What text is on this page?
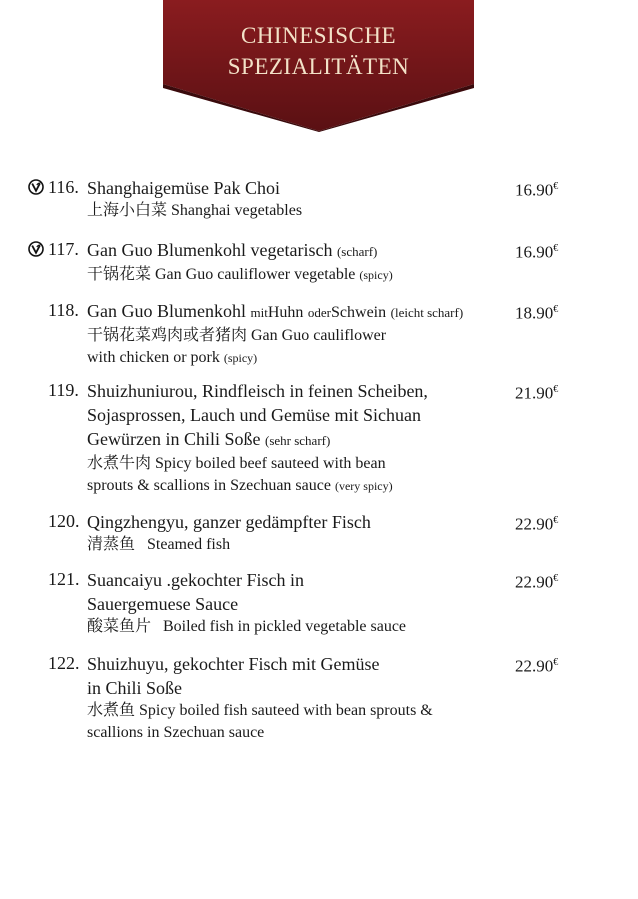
CHINESISCHE
SPEZIALITÄTEN
116. Shanghaigemüse Pak Choi
上海小白菜 Shanghai vegetables
16.90€
117. Gan Guo Blumenkohl vegetarisch (scharf)
干锅花菜 Gan Guo cauliflower vegetable (spicy)
16.90€
118. Gan Guo Blumenkohl mitHuhn oderSchwein (leicht scharf)
干锅花菜鸡肉或者猪肉 Gan Guo cauliflower
with chicken or pork (spicy)
18.90€
119. Shuizhuniurou, Rindfleisch in feinen Scheiben,
Sojasprossen, Lauch und Gemüse mit Sichuan
Gewürzen in Chili Soße (sehr scharf)
水煮牛肉 Spicy boiled beef sauteed with bean
sprouts & scallions in Szechuan sauce (very spicy)
21.90€
120. Qingzhengyu, ganzer gedämpfter Fisch
清蒸鱼   Steamed fish
22.90€
121. Suancaiyu .gekochter Fisch in
Sauergemuese Sauce
酸菜鱼片   Boiled fish in pickled vegetable sauce
22.90€
122. Shuizhuyu, gekochter Fisch mit Gemüse
in Chili Soße
水煮鱼 Spicy boiled fish sauteed with bean sprouts &
scallions in Szechuan sauce
22.90€
